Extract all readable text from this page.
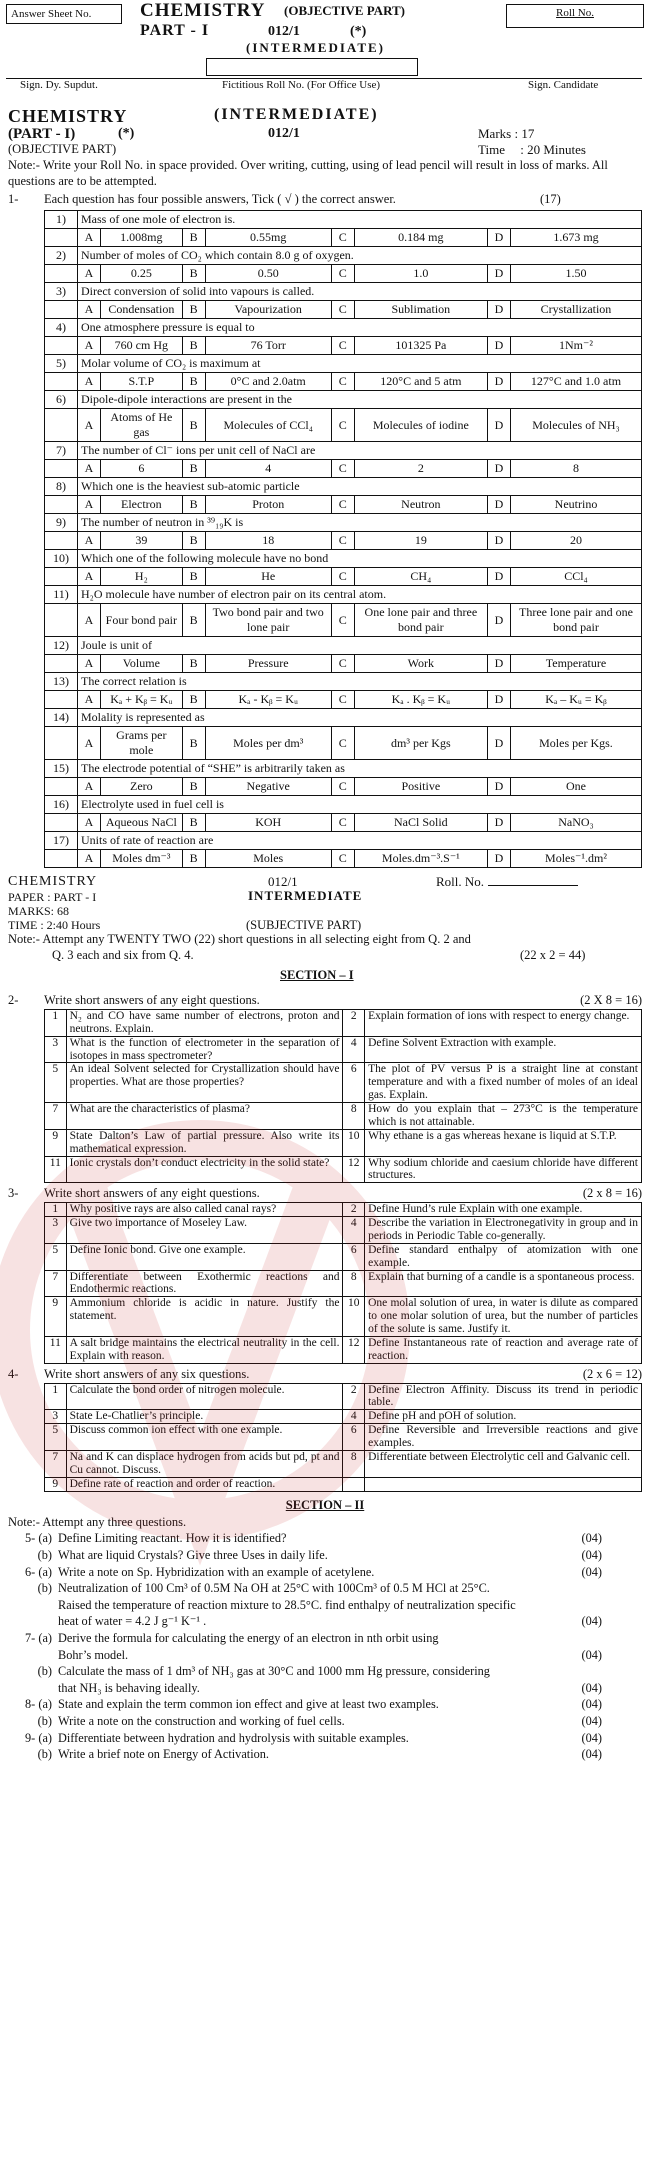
Answer Sheet No.	CHEMISTRY (OBJECTIVE PART)
PART - I	012/1	(*)
(INTERMEDIATE)
Roll No.
Sign. Dy. Supdut.	Fictitious Roll No. (For Office Use)	Sign. Candidate
CHEMISTRY	(INTERMEDIATE)
(PART - I)	(*)	012/1	Marks : 17
(OBJECTIVE PART)	Time : 20 Minutes
Note:- Write your Roll No. in space provided. Over writing, cutting, using of lead pencil will result in loss of marks. All questions are to be attempted.
1- Each question has four possible answers, Tick ( √ ) the correct answer.	(17)
1)	Mass of one mole of electron is.							
	A	1.008mg	B	0.55mg	C	0.184 mg	D	1.673 mg
2)	Number of moles of CO₂ which contain 8.0 g of oxygen.							
	A	0.25	B	0.50	C	1.0	D	1.50
3)	Direct conversion of solid into vapours is called.							
	A	Condensation	B	Vapourization	C	Sublimation	D	Crystallization
4)	One atmosphere pressure is equal to							
	A	760 cm Hg	B	76 Torr	C	101325 Pa	D	1Nm⁻²
5)	Molar volume of CO₂ is maximum at							
	A	S.T.P	B	0°C and 2.0atm	C	120°C and 5 atm	D	127°C and 1.0 atm
6)	Dipole-dipole interactions are present in the							
	A	Atoms of He gas	B	Molecules of CCl₄	C	Molecules of iodine	D	Molecules of NH₃
7)	The number of Cl⁻ ions per unit cell of NaCl are							
	A	6	B	4	C	2	D	8
8)	Which one is the heaviest sub-atomic particle							
	A	Electron	B	Proton	C	Neutron	D	Neutrino
9)	The number of neutron in ³⁹₁₉K is							
	A	39	B	18	C	19	D	20
10)	Which one of the following molecule have no bond							
	A	H₂	B	He	C	CH₄	D	CCl₄
11)	H₂O molecule have number of electron pair on its central atom.							
	A	Four bond pair	B	Two bond pair and two lone pair	C	One lone pair and three bond pair	D	Three lone pair and one bond pair
12)	Joule is unit of							
	A	Volume	B	Pressure	C	Work	D	Temperature
13)	The correct relation is							
	A	Kₐ + Kᵦ = Kᵤ	B	Kₐ - Kᵦ = Kᵤ	C	Kₐ . Kᵦ = Kᵤ	D	Kₐ – Kᵤ = Kᵦ
14)	Molality is represented as							
	A	Grams per mole	B	Moles per dm³	C	dm³ per Kgs	D	Moles per Kgs.
15)	The electrode potential of “SHE” is arbitrarily taken as							
	A	Zero	B	Negative	C	Positive	D	One
16)	Electrolyte used in fuel cell is							
	A	Aqueous NaCl	B	KOH	C	NaCl Solid	D	NaNO₃
17)	Units of rate of reaction are							
	A	Moles dm⁻³	B	Moles	C	Moles.dm⁻³.S⁻¹	D	Moles⁻¹.dm²
CHEMISTRY	012/1	Roll. No.
PAPER : PART - I	INTERMEDIATE
MARKS: 68
TIME : 2:40 Hours	(SUBJECTIVE PART)
Note:- Attempt any TWENTY TWO (22) short questions in all selecting eight from Q. 2 and
Q. 3 each and six from Q. 4.	(22 x 2 = 44)
SECTION – I
2- Write short answers of any eight questions.	(2 X 8 = 16)
1	N₂ and CO have same number of electrons, proton and neutrons. Explain.	2	Explain formation of ions with respect to energy change.
3	What is the function of electrometer in the separation of isotopes in mass spectrometer?	4	Define Solvent Extraction with example.
5	An ideal Solvent selected for Crystallization should have properties. What are those properties?	6	The plot of PV versus P is a straight line at constant temperature and with a fixed number of moles of an ideal gas. Explain.
7	What are the characteristics of plasma?	8	How do you explain that – 273°C is the temperature which is not attainable.
9	State Dalton’s Law of partial pressure. Also write its mathematical expression.	10	Why ethane is a gas whereas hexane is liquid at S.T.P.
11	Ionic crystals don’t conduct electricity in the solid state?	12	Why sodium chloride and caesium chloride have different structures.
3- Write short answers of any eight questions.	(2 x 8 = 16)
1	Why positive rays are also called canal rays?	2	Define Hund’s rule Explain with one example.
3	Give two importance of Moseley Law.	4	Describe the variation in Electronegativity in group and in periods in Periodic Table co-generally.
5	Define Ionic bond. Give one example.	6	Define standard enthalpy of atomization with one example.
7	Differentiate between Exothermic reactions and Endothermic reactions.	8	Explain that burning of a candle is a spontaneous process.
9	Ammonium chloride is acidic in nature. Justify the statement.	10	One molal solution of urea, in water is dilute as compared to one molar solution of urea, but the number of particles of the solute is same. Justify it.
11	A salt bridge maintains the electrical neutrality in the cell. Explain with reason.	12	Define Instantaneous rate of reaction and average rate of reaction.
4- Write short answers of any six questions.	(2 x 6 = 12)
1	Calculate the bond order of nitrogen molecule.	2	Define Electron Affinity. Discuss its trend in periodic table.
3	State Le-Chatlier’s principle.	4	Define pH and pOH of solution.
5	Discuss common ion effect with one example.	6	Define Reversible and Irreversible reactions and give examples.
7	Na and K can displace hydrogen from acids but pd, pt and Cu cannot. Discuss.	8	Differentiate between Electrolytic cell and Galvanic cell.
9	Define rate of reaction and order of reaction.		
SECTION – II
Note:- Attempt any three questions.
5- (a) Define Limiting reactant. How it is identified?	(04)
(b) What are liquid Crystals? Give three Uses in daily life.	(04)
6- (a) Write a note on Sp. Hybridization with an example of acetylene.	(04)
(b) Neutralization of 100 Cm³ of 0.5M Na OH at 25°C with 100Cm³ of 0.5 M HCl at 25°C.
Raised the temperature of reaction mixture to 28.5°C. find enthalpy of neutralization specific
heat of water = 4.2 J g⁻¹ K⁻¹ .	(04)
7- (a) Derive the formula for calculating the energy of an electron in nth orbit using
Bohr’s model.	(04)
(b) Calculate the mass of 1 dm³ of NH₃ gas at 30°C and 1000 mm Hg pressure, considering
that NH₃ is behaving ideally.	(04)
8- (a) State and explain the term common ion effect and give at least two examples.	(04)
(b) Write a note on the construction and working of fuel cells.	(04)
9- (a) Differentiate between hydration and hydrolysis with suitable examples.	(04)
(b) Write a brief note on Energy of Activation.	(04)
